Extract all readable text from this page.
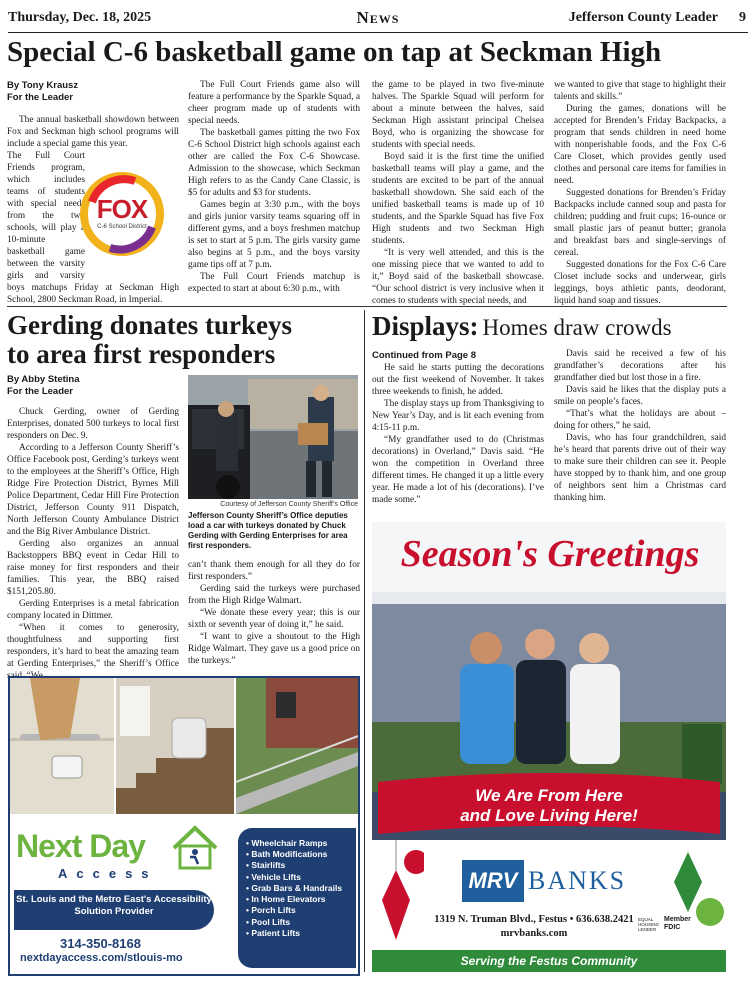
Thursday, Dec. 18, 2025	News	Jefferson County Leader 9
Special C-6 basketball game on tap at Seckman High
By Tony Krausz
For the Leader

The annual basketball showdown between Fox and Seckman high school programs will include a special game this year.

The Full Court Friends program, which includes teams of students with special needs from the two schools, will play a 10-minute basketball game between the varsity girls and varsity boys matchups Friday at Seckman High School, 2800 Seckman Road, in Imperial.

FOX
C-6 School District

The Full Court Friends game also will feature a performance by the Sparkle Squad, a cheer program made up of students with special needs.

The basketball games pitting the two Fox C-6 School District high schools against each other are called the Fox C-6 Showcase. Admission to the showcase, which Seckman High refers to as the Candy Cane Classic, is $5 for adults and $3 for students.

Games begin at 3:30 p.m., with the boys and girls junior varsity teams squaring off in different gyms, and a boys freshmen matchup is set to start at 5 p.m. The girls varsity game also begins at 5 p.m., and the boys varsity game tips off at 7 p.m.

The Full Court Friends matchup is expected to start at about 6:30 p.m., with

the game to be played in two five-minute halves. The Sparkle Squad will perform for about a minute between the halves, said Seckman High assistant principal Chelsea Boyd, who is organizing the showcase for students with special needs.

Boyd said it is the first time the unified basketball teams will play a game, and the students are excited to be part of the annual basketball showdown. She said each of the unified basketball teams is made up of 10 students, and the Sparkle Squad has five Fox High students and two Seckman High students.

“It is very well attended, and this is the one missing piece that we wanted to add to it,” Boyd said of the basketball showcase. “Our school district is very inclusive when it comes to students with special needs, and

we wanted to give that stage to highlight their talents and skills.”

During the games, donations will be accepted for Brenden’s Friday Backpacks, a program that sends children in need home with nonperishable foods, and the Fox C-6 Care Closet, which provides gently used clothes and personal care items for families in need.

Suggested donations for Brenden’s Friday Backpacks include canned soup and pasta for children; pudding and fruit cups; 16-ounce or small plastic jars of peanut butter; granola and breakfast bars and single-servings of cereal.

Suggested donations for the Fox C-6 Care Closet include socks and underwear, girls leggings, boys athletic pants, deodorant, liquid hand soap and tissues.

Gerding donates turkeys
to area first responders
By Abby Stetina
For the Leader

Chuck Gerding, owner of Gerding Enterprises, donated 500 turkeys to local first responders on Dec. 9.

According to a Jefferson County Sheriff’s Office Facebook post, Gerding’s turkeys went to the employees at the Sheriff’s Office, High Ridge Fire Protection District, Byrnes Mill Police Department, Cedar Hill Fire Protection District, Jefferson County 911 Dispatch, North Jefferson County Ambulance District and the Big River Ambulance District.

Gerding also organizes an annual Backstoppers BBQ event in Cedar Hill to raise money for first responders and their families. This year, the BBQ raised $151,205.80.

Gerding Enterprises is a metal fabrication company located in Dittmer.

“When it comes to generosity, thoughtfulness and supporting first responders, it’s hard to beat the amazing team at Gerding Enterprises,” the Sheriff’s Office

Courtesy of Jefferson County Sheriff’s Office
Jefferson County Sheriff’s Office deputies load a car with turkeys donated by Chuck Gerding with Gerding Enterprises for area first responders.

can’t thank them enough for all they do for first responders.”

Gerding said the turkeys were purchased from the High Ridge Walmart.

“We donate these every year; this is our sixth or seventh year of doing it,” he said.

“I want to give a shoutout to the High Ridge Walmart. They gave us a good price on the turkeys.”

Displays: Homes draw crowds
Continued from Page 8

He said he starts putting the decorations out the first weekend of November. It takes three weekends to finish, he added.

The display stays up from Thanksgiving to New Year’s Day, and is lit each evening from 4:15-11 p.m.

“My grandfather used to do (Christmas decorations) in Overland,” Davis said. “He won the competition in Overland three different times. He changed it up a little every year. He made a lot of his (decorations). I’ve made some.”

Davis said he received a few of his grandfather’s decorations after his grandfather died but lost those in a fire.

Davis said he likes that the display puts a smile on people’s faces.

“That’s what the holidays are about – doing for others,” he said.

Davis, who has four grandchildren, said he’s heard that parents drive out of their way to make sure their children can see it. People have stopped by to thank him, and one group of neighbors sent him a Christmas card thanking him.

Next Day
Access
St. Louis and the Metro East's Accessibility Solution Provider
• Wheelchair Ramps
• Bath Modifications
• Stairlifts
• Vehicle Lifts
• Grab Bars & Handrails
• In Home Elevators
• Porch Lifts
• Pool Lifts
• Patient Lifts
314-350-8168
nextdayaccess.com/stlouis-mo
Season's Greetings
We Are From Here
and Love Living Here!
MRV BANKS
1319 N. Truman Blvd., Festus • 636.638.2421
mrvbanks.com
EQUAL HOUSING LENDER
Member FDIC
Serving the Festus Community
